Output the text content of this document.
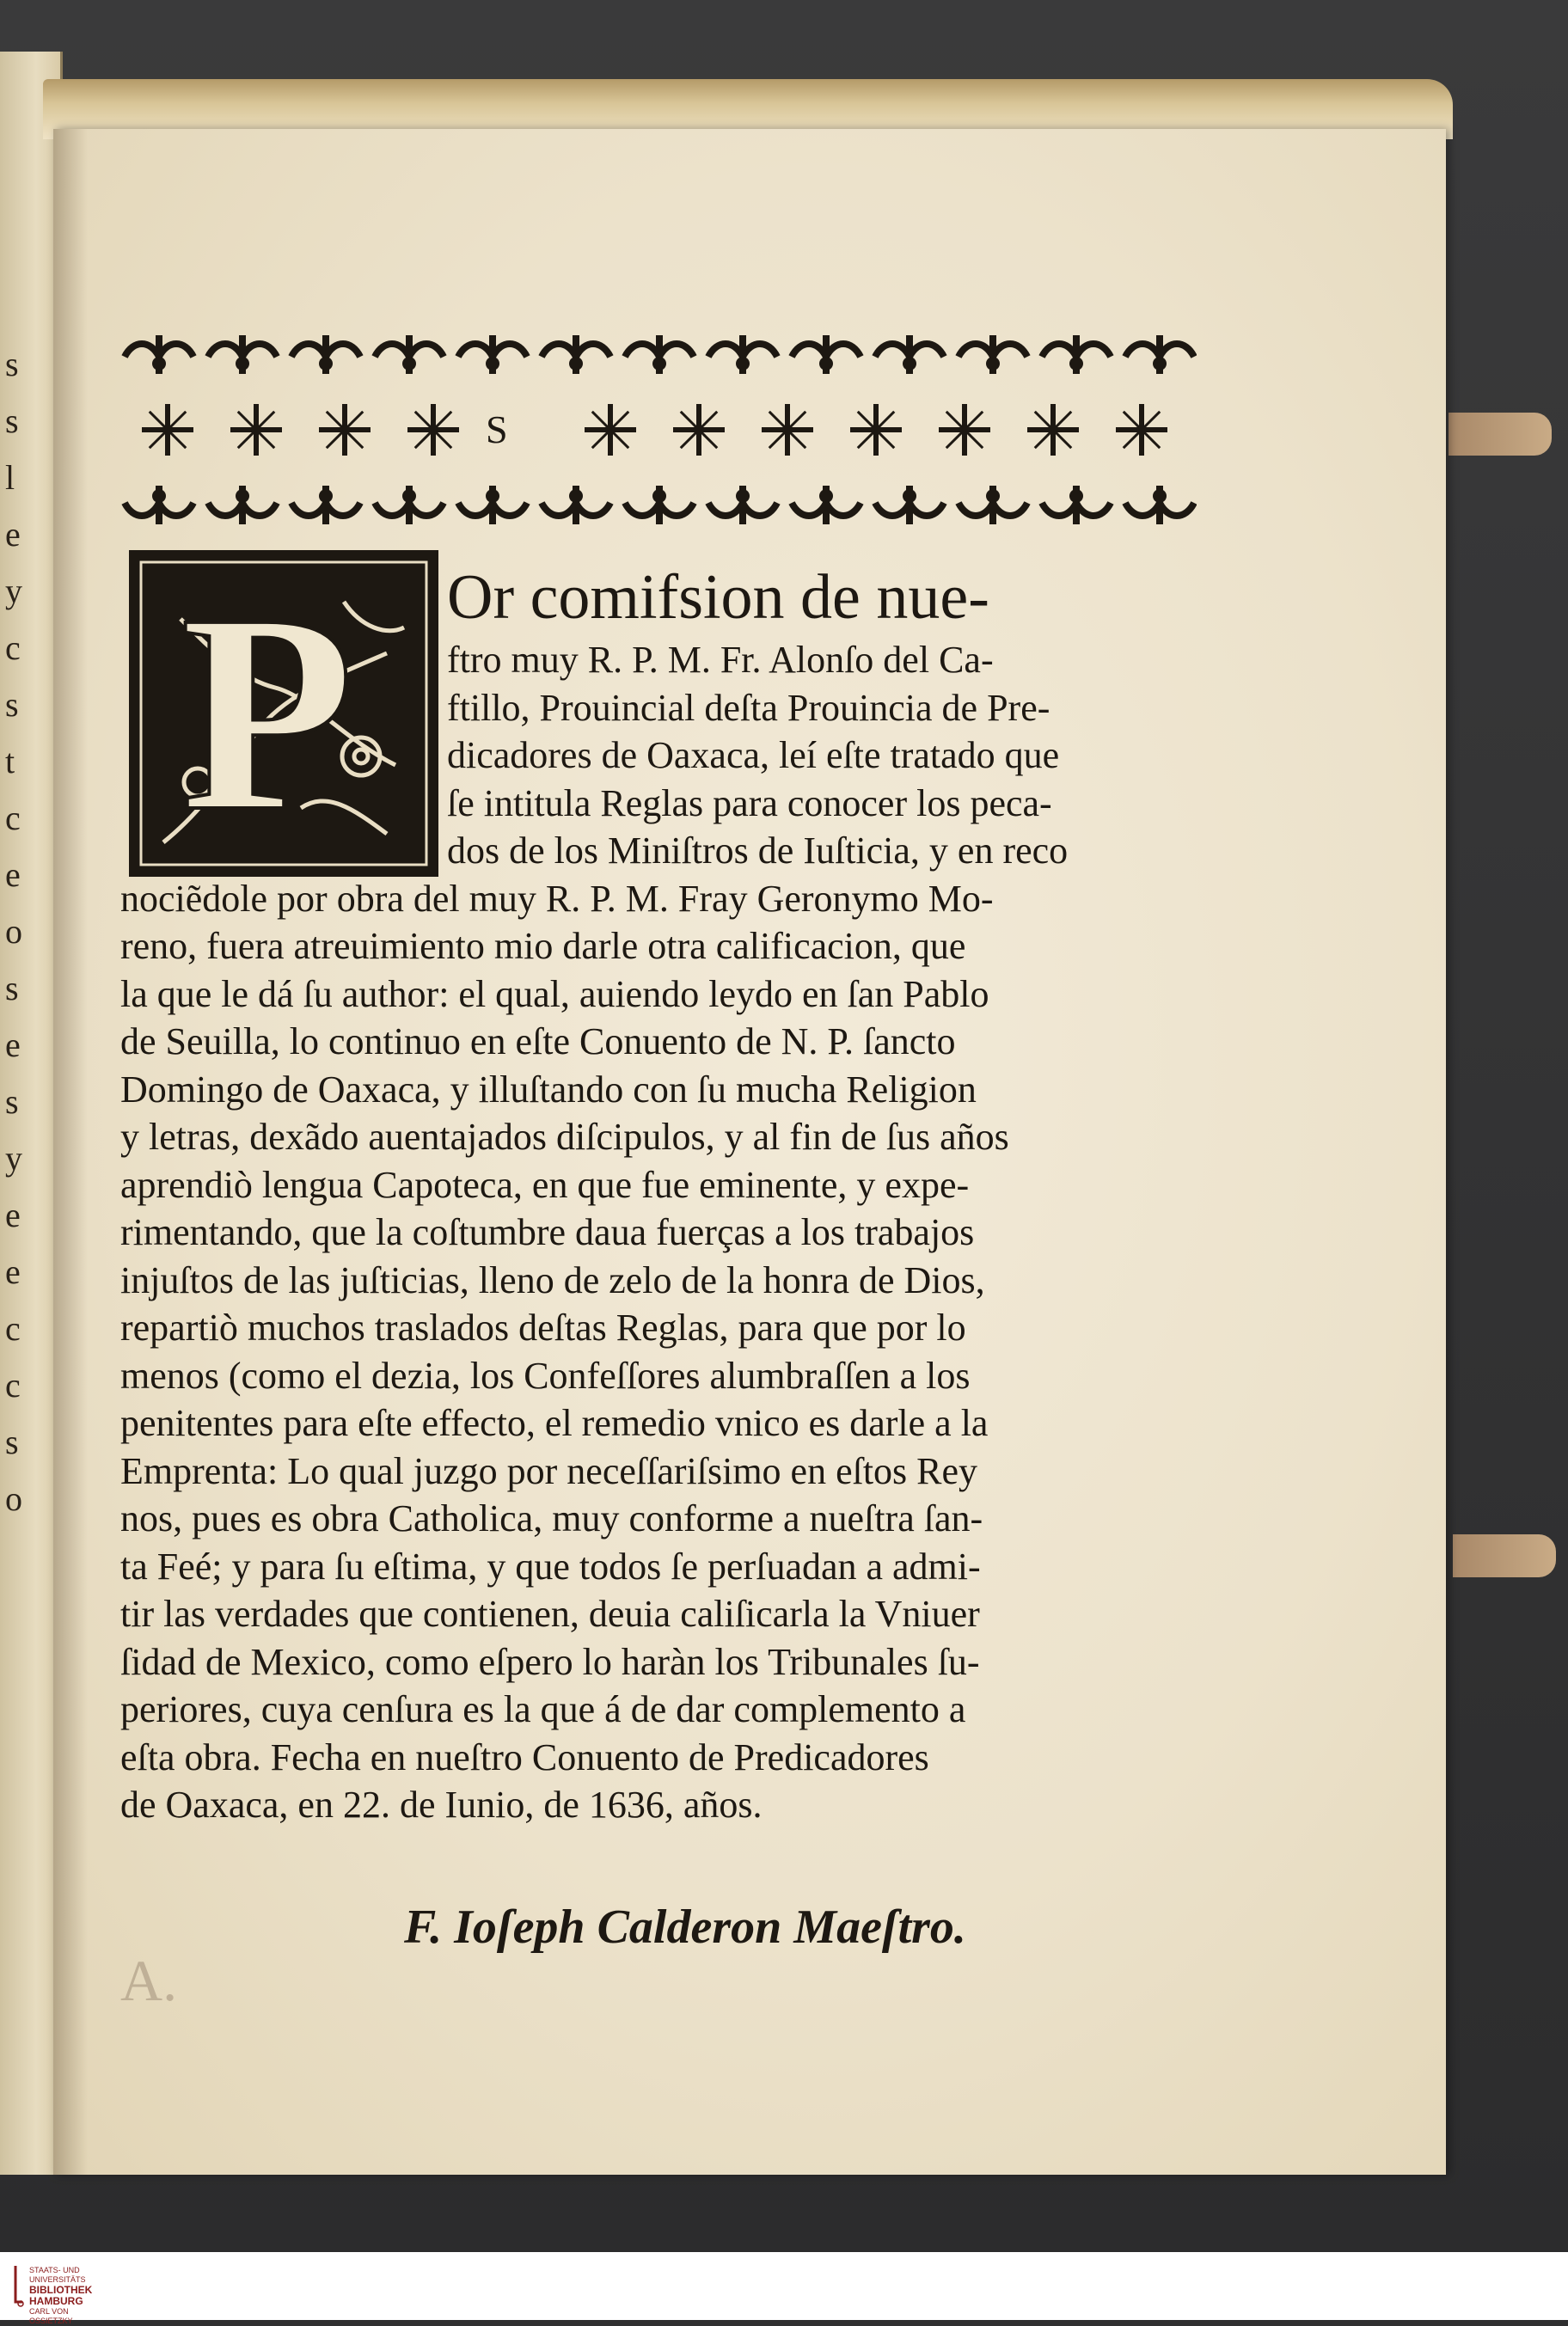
s
s
l
e
y
c
s
t
c
e
o
s
e
s
y
e
e
c
c
s
o
S
P	Or comifsion de nue-
ftro muy R. P. M. Fr. Alonſo del Ca-
ftillo, Prouincial deſta Prouincia de Pre-
dicadores de Oaxaca, leí eſte tratado que
ſe intitula Reglas para conocer los peca-
dos de los Miniſtros de Iuſticia, y en reco
nociẽdole por obra del muy R. P. M. Fray Geronymo Mo-
reno, fuera atreuimiento mio darle otra calificacion, que
la que le dá ſu author: el qual, auiendo leydo en ſan Pablo
de Seuilla, lo continuo en eſte Conuento de N. P. ſancto
Domingo de Oaxaca, y illuſtando con ſu mucha Religion
y letras, dexãdo auentajados diſcipulos, y al fin de ſus años
aprendiò lengua Capoteca, en que fue eminente, y expe-
rimentando, que la coſtumbre daua fuerças a los trabajos
injuſtos de las juſticias, lleno de zelo de la honra de Dios,
repartiò muchos traslados deſtas Reglas, para que por lo
menos (como el dezia, los Confeſſores alumbraſſen a los
penitentes para eſte effecto, el remedio vnico es darle a la
Emprenta: Lo qual juzgo por neceſſariſsimo en eſtos Rey
nos, pues es obra Catholica, muy conforme a nueſtra ſan-
ta Feé; y para ſu eſtima, y que todos ſe perſuadan a admi-
tir las verdades que contienen, deuia caliſicarla la Vniuer
ſidad de Mexico, como eſpero lo haràn los Tribunales ſu-
periores, cuya cenſura es la que á de dar complemento a
eſta obra. Fecha en nueſtro Conuento de Predicadores
de Oaxaca, en 22. de Iunio, de 1636, años.
F. Ioſeph Calderon Maeſtro.
A.
STAATS- UND UNIVERSITÄTS
BIBLIOTHEK
HAMBURG
CARL VON OSSIETZKY
